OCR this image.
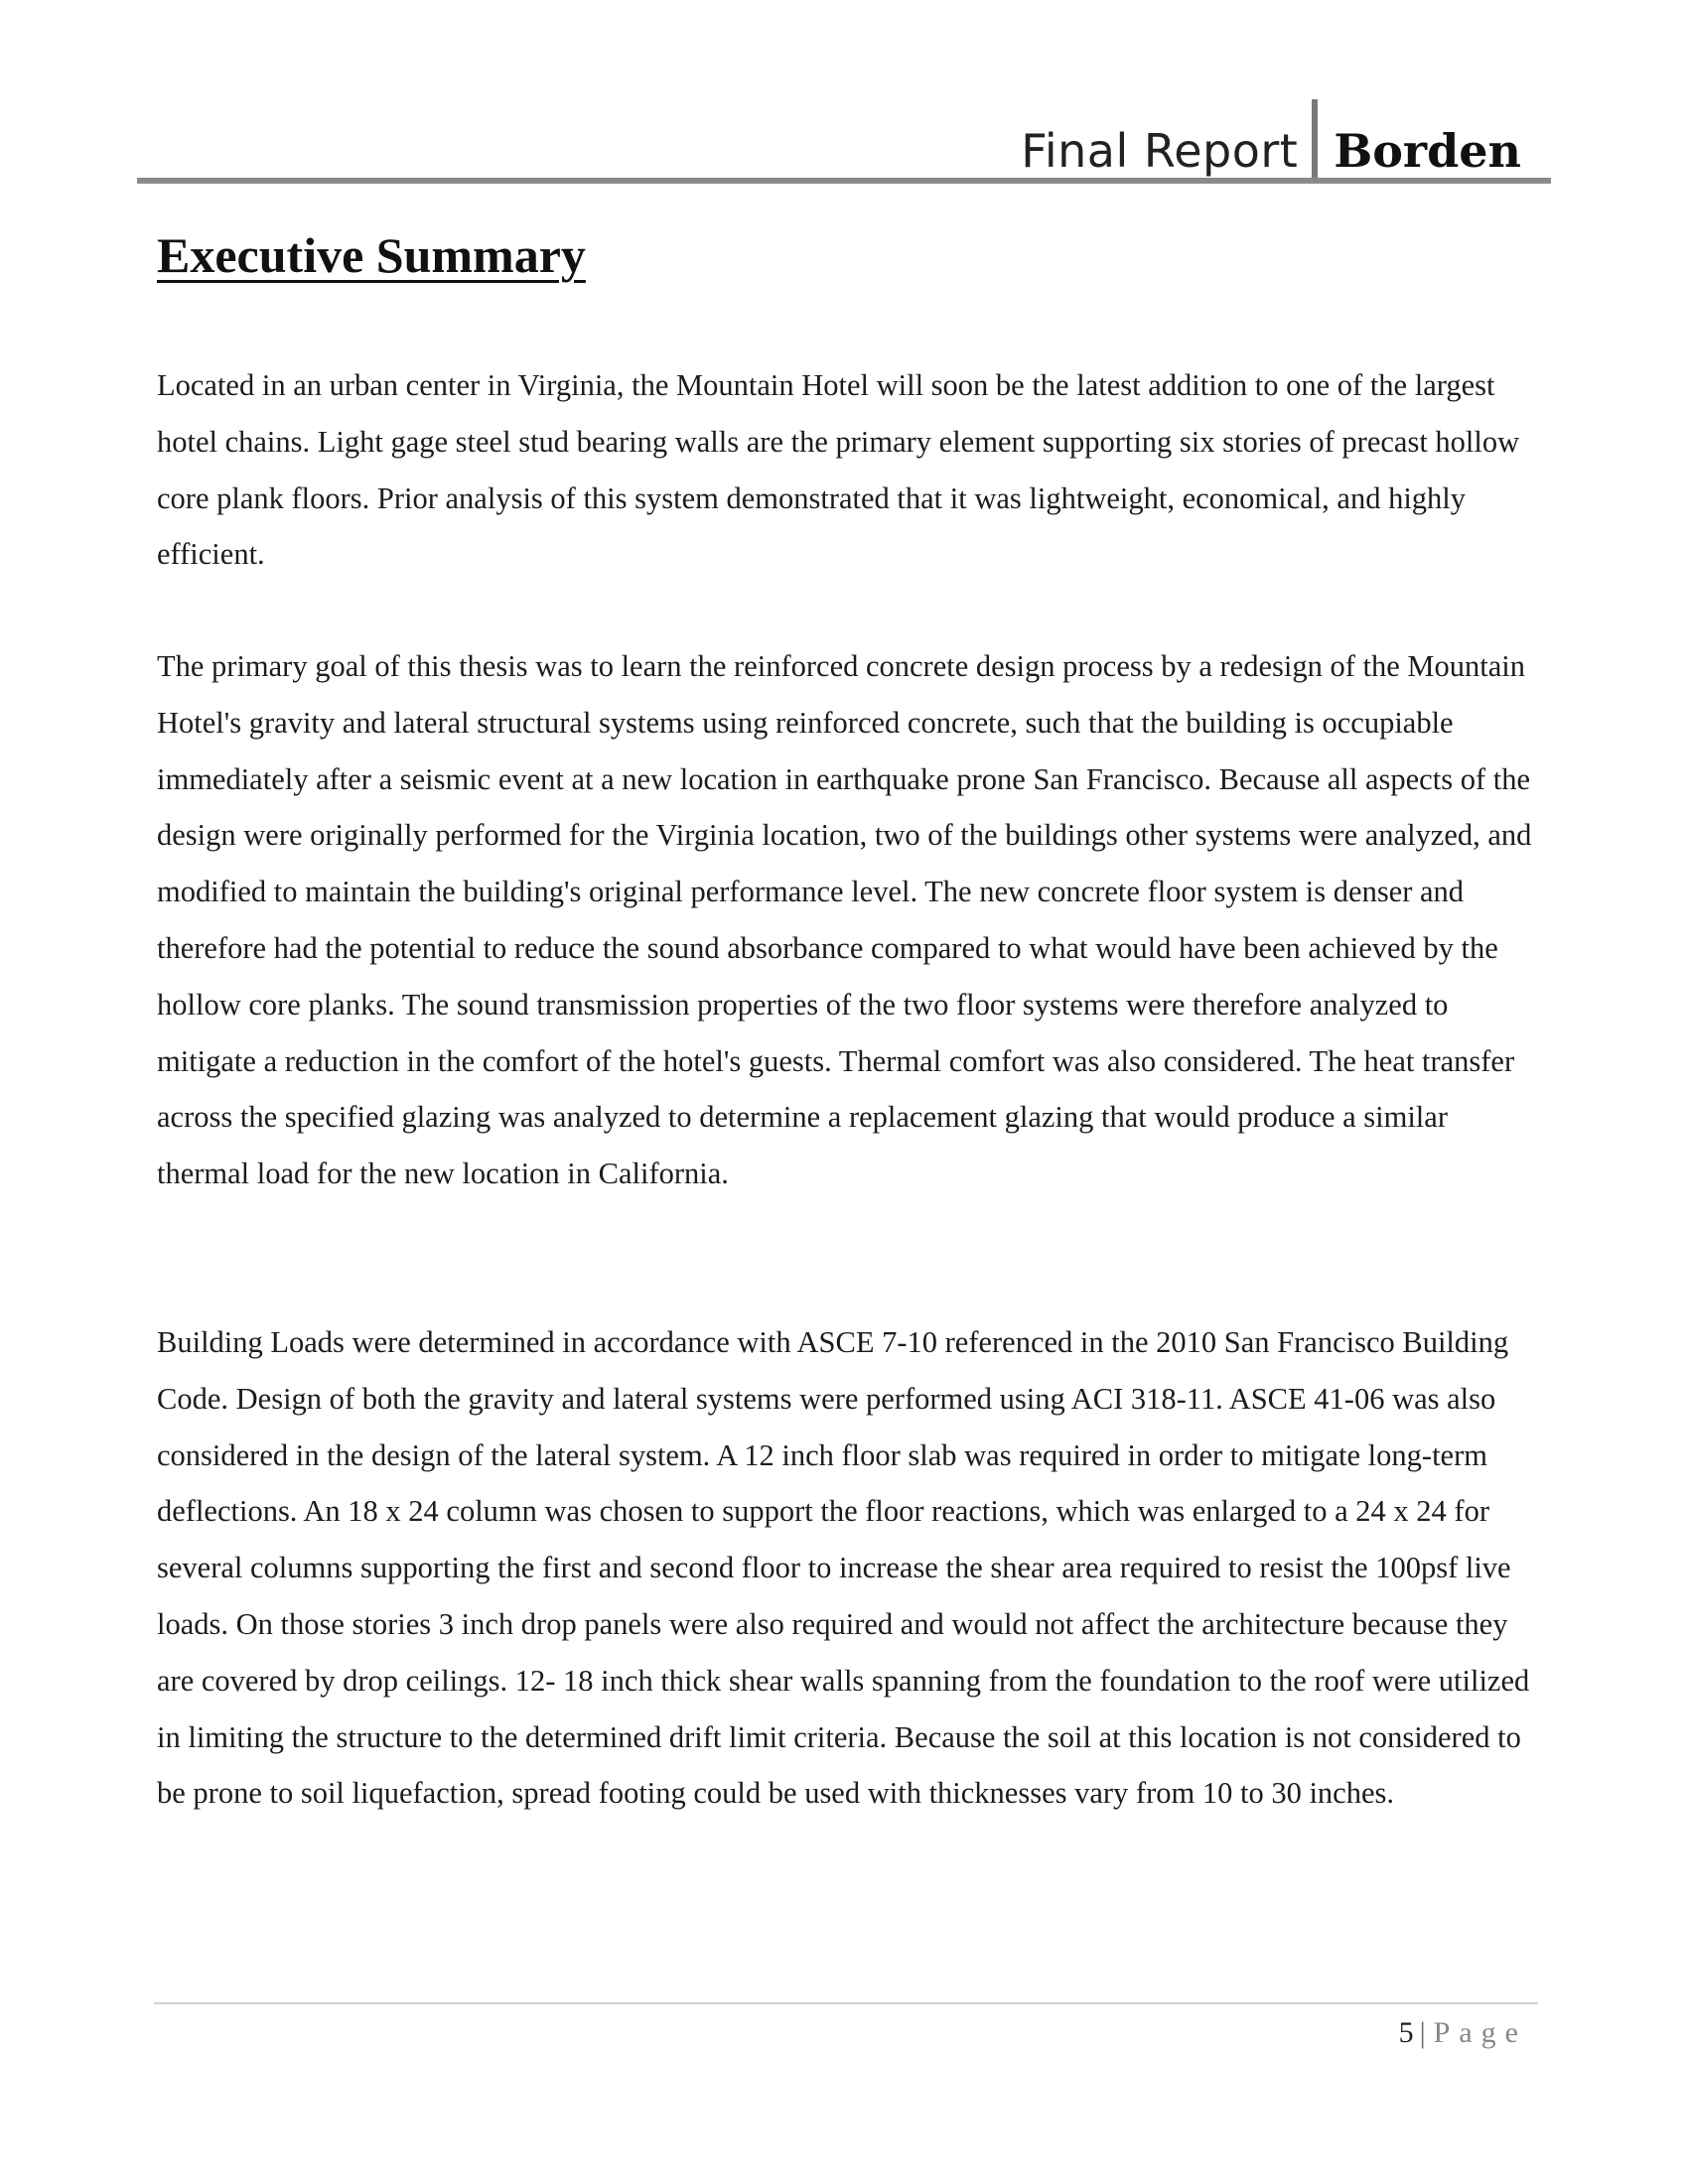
Final Report Borden
Executive Summary

Located in an urban center in Virginia, the Mountain Hotel will soon be the latest addition to one of the largest hotel chains. Light gage steel stud bearing walls are the primary element supporting six stories of precast hollow core plank floors. Prior analysis of this system demonstrated that it was lightweight, economical, and highly efficient.

The primary goal of this thesis was to learn the reinforced concrete design process by a redesign of the Mountain Hotel's gravity and lateral structural systems using reinforced concrete, such that the building is occupiable immediately after a seismic event at a new location in earthquake prone San Francisco. Because all aspects of the design were originally performed for the Virginia location, two of the buildings other systems were analyzed, and modified to maintain the building's original performance level. The new concrete floor system is denser and therefore had the potential to reduce the sound absorbance compared to what would have been achieved by the hollow core planks. The sound transmission properties of the two floor systems were therefore analyzed to mitigate a reduction in the comfort of the hotel's guests. Thermal comfort was also considered. The heat transfer across the specified glazing was analyzed to determine a replacement glazing that would produce a similar thermal load for the new location in California.

Building Loads were determined in accordance with ASCE 7-10 referenced in the 2010 San Francisco Building Code. Design of both the gravity and lateral systems were performed using ACI 318-11. ASCE 41-06 was also considered in the design of the lateral system. A 12 inch floor slab was required in order to mitigate long-term deflections. An 18 x 24 column was chosen to support the floor reactions, which was enlarged to a 24 x 24 for several columns supporting the first and second floor to increase the shear area required to resist the 100psf live loads. On those stories 3 inch drop panels were also required and would not affect the architecture because they are covered by drop ceilings. 12- 18 inch thick shear walls spanning from the foundation to the roof were utilized in limiting the structure to the determined drift limit criteria. Because the soil at this location is not considered to be prone to soil liquefaction, spread footing could be used with thicknesses vary from 10 to 30 inches.

5 | Page
